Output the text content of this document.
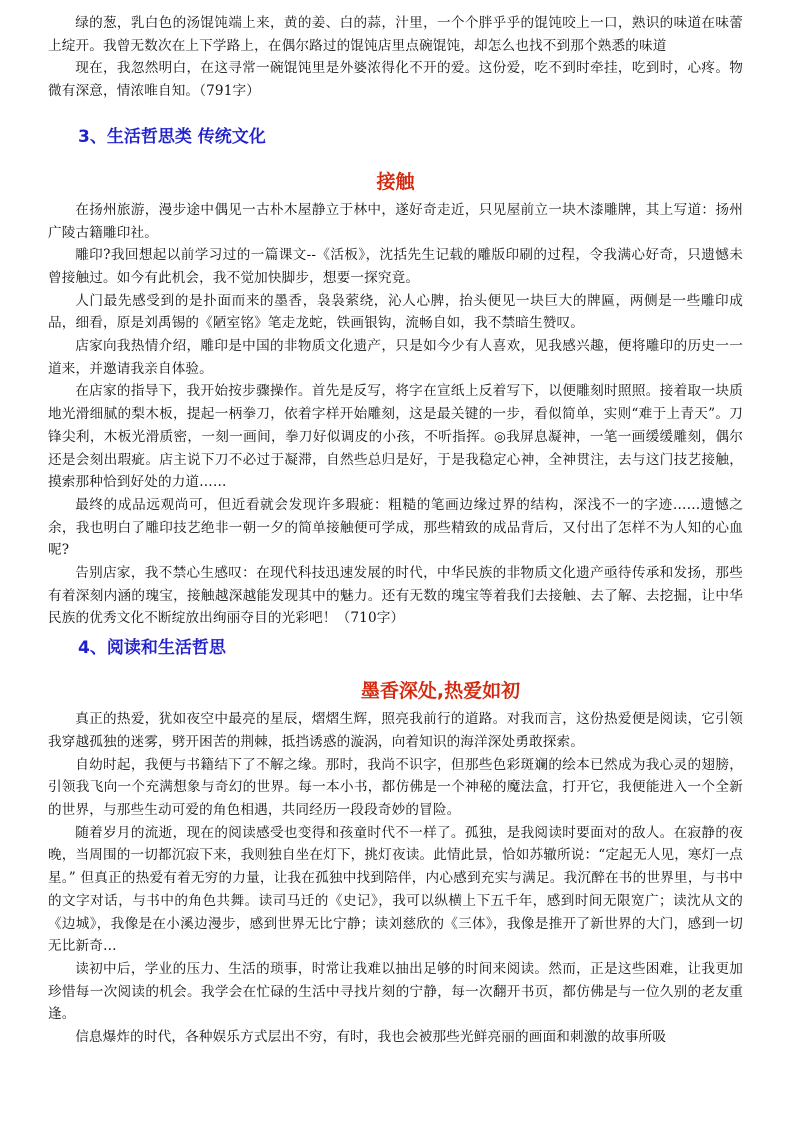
绿的葱，乳白色的汤馄饨端上来，黄的姜、白的蒜，汁里，一个个胖乎乎的馄饨咬上一口，熟识的味道在味蕾上绽开。我曾无数次在上下学路上，在偶尔路过的馄饨店里点碗馄饨，却怎么也找不到那个熟悉的味道

现在，我忽然明白，在这寻常一碗馄饨里是外婆浓得化不开的爱。这份爱，吃不到时牵挂，吃到时，心疼。物微有深意，情浓唯自知。（791字）

3、生活哲思类 传统文化
接触

在扬州旅游，漫步途中偶见一古朴木屋静立于林中，遂好奇走近，只见屋前立一块木漆雕牌，其上写道：扬州广陵古籍雕印社。

雕印?我回想起以前学习过的一篇课文--《活板》，沈括先生记载的雕版印刷的过程，令我满心好奇，只遗憾未曾接触过。如今有此机会，我不觉加快脚步，想要一探究竟。

人门最先感受到的是扑面而来的墨香，袅袅萦绕，沁人心脾，抬头便见一块巨大的牌匾，两侧是一些雕印成品，细看，原是刘禹锡的《陋室铭》笔走龙蛇，铁画银钩，流畅自如，我不禁暗生赞叹。

店家向我热情介绍，雕印是中国的非物质文化遗产，只是如今少有人喜欢，见我感兴趣，便将雕印的历史一一道来，并邀请我亲自体验。

在店家的指导下，我开始按步骤操作。首先是反写，将字在宣纸上反着写下，以便雕刻时照照。接着取一块质地光滑细腻的梨木板，提起一柄拳刀，依着字样开始雕刻，这是最关键的一步，看似简单，实则“难于上青天”。刀锋尖利，木板光滑质密，一刻一画间，拳刀好似调皮的小孩，不听指挥。◎我屏息凝神，一笔一画缓缓雕刻，偶尔还是会刻出瑕疵。店主说下刀不必过于凝滞，自然些总归是好，于是我稳定心神，全神贯注，去与这门技艺接触，摸索那种恰到好处的力道……

最终的成品远观尚可，但近看就会发现许多瑕疵：粗糙的笔画边缘过界的结构，深浅不一的字迹……遗憾之余，我也明白了雕印技艺绝非一朝一夕的简单接触便可学成，那些精致的成品背后，又付出了怎样不为人知的心血呢?

告别店家，我不禁心生感叹：在现代科技迅速发展的时代，中华民族的非物质文化遗产亟待传承和发扬，那些有着深刻内涵的瑰宝，接触越深越能发现其中的魅力。还有无数的瑰宝等着我们去接触、去了解、去挖掘，让中华民族的优秀文化不断绽放出绚丽夺目的光彩吧！（710字）

4、阅读和生活哲思
墨香深处,热爱如初

真正的热爱，犹如夜空中最亮的星辰，熠熠生辉，照亮我前行的道路。对我而言，这份热爱便是阅读，它引领我穿越孤独的迷雾，劈开困苦的荆棘，抵挡诱惑的漩涡，向着知识的海洋深处勇敢探索。

自幼时起，我便与书籍结下了不解之缘。那时，我尚不识字，但那些色彩斑斓的绘本已然成为我心灵的翅膀，引领我飞向一个充满想象与奇幻的世界。每一本小书，都仿佛是一个神秘的魔法盒，打开它，我便能进入一个全新的世界，与那些生动可爱的角色相遇，共同经历一段段奇妙的冒险。

随着岁月的流逝，现在的阅读感受也变得和孩童时代不一样了。孤独，是我阅读时要面对的敌人。在寂静的夜晚，当周围的一切都沉寂下来，我则独自坐在灯下，挑灯夜读。此情此景，恰如苏辙所说：“定起无人见，寒灯一点星。” 但真正的热爱有着无穷的力量，让我在孤独中找到陪伴，内心感到充实与满足。我沉醉在书的世界里，与书中的文字对话，与书中的角色共舞。读司马迁的《史记》，我可以纵横上下五千年，感到时间无限宽广；读沈从文的《边城》，我像是在小溪边漫步，感到世界无比宁静；读刘慈欣的《三体》，我像是推开了新世界的大门，感到一切无比新奇…

读初中后，学业的压力、生活的琐事，时常让我难以抽出足够的时间来阅读。然而，正是这些困难，让我更加珍惜每一次阅读的机会。我学会在忙碌的生活中寻找片刻的宁静，每一次翻开书页，都仿佛是与一位久别的老友重逢。

信息爆炸的时代，各种娱乐方式层出不穷，有时，我也会被那些光鲜亮丽的画面和刺激的故事所吸
